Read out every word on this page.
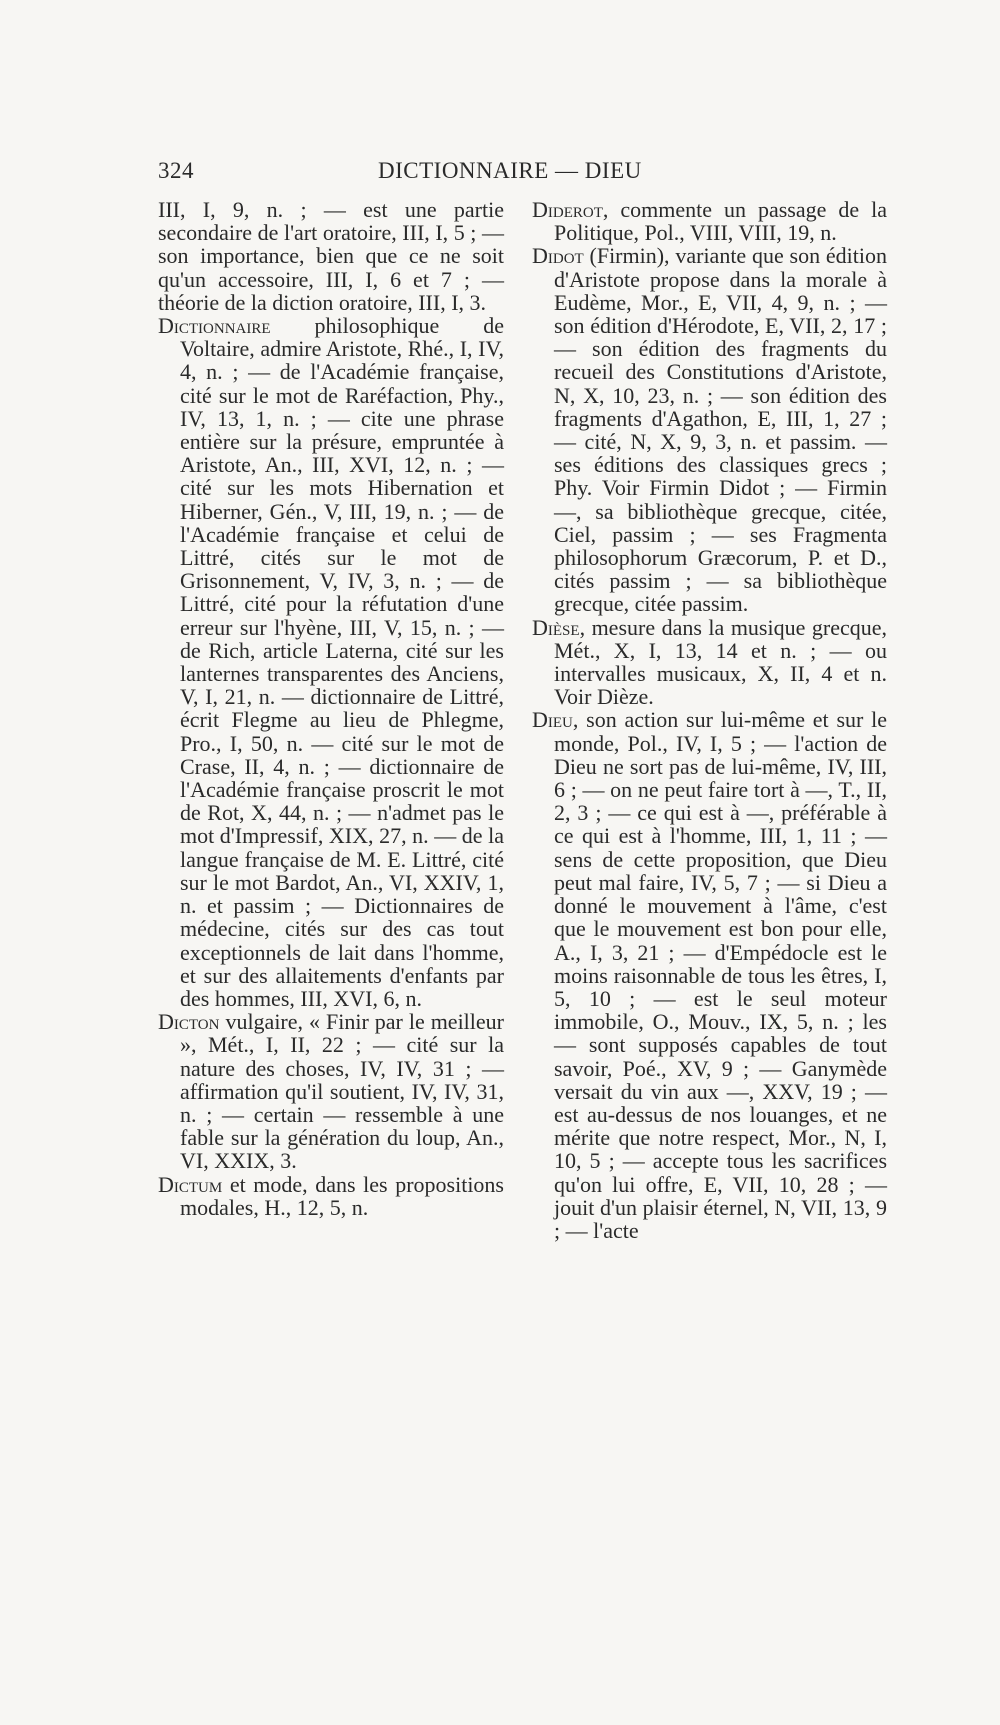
324	DICTIONNAIRE — DIEU

III, I, 9, n. ; — est une partie secondaire de l'art oratoire, III, I, 5 ; — son importance, bien que ce ne soit qu'un accessoire, III, I, 6 et 7 ; — théorie de la diction oratoire, III, I, 3.

Dictionnaire philosophique de Voltaire, admire Aristote, Rhé., I, IV, 4, n. ; — de l'Académie française, cité sur le mot de Raréfaction, Phy., IV, 13, 1, n. ; — cite une phrase entière sur la présure, empruntée à Aristote, An., III, XVI, 12, n. ; — cité sur les mots Hibernation et Hiberner, Gén., V, III, 19, n. ; — de l'Académie française et celui de Littré, cités sur le mot de Grisonnement, V, IV, 3, n. ; — de Littré, cité pour la réfutation d'une erreur sur l'hyène, III, V, 15, n. ; — de Rich, article Laterna, cité sur les lanternes transparentes des Anciens, V, I, 21, n. — dictionnaire de Littré, écrit Flegme au lieu de Phlegme, Pro., I, 50, n. — cité sur le mot de Crase, II, 4, n. ; — dictionnaire de l'Académie française proscrit le mot de Rot, X, 44, n. ; — n'admet pas le mot d'Impressif, XIX, 27, n. — de la langue française de M. E. Littré, cité sur le mot Bardot, An., VI, XXIV, 1, n. et passim ; — Dictionnaires de médecine, cités sur des cas tout exceptionnels de lait dans l'homme, et sur des allaitements d'enfants par des hommes, III, XVI, 6, n.

Dicton vulgaire, « Finir par le meilleur », Mét., I, II, 22 ; — cité sur la nature des choses, IV, IV, 31 ; — affirmation qu'il soutient, IV, IV, 31, n. ; — certain — ressemble à une fable sur la génération du loup, An., VI, XXIX, 3.

Dictum et mode, dans les propositions modales, H., 12, 5, n.

Diderot, commente un passage de la Politique, Pol., VIII, VIII, 19, n.

Didot (Firmin), variante que son édition d'Aristote propose dans la morale à Eudème, Mor., E, VII, 4, 9, n. ; — son édition d'Hérodote, E, VII, 2, 17 ; — son édition des fragments du recueil des Constitutions d'Aristote, N, X, 10, 23, n. ; — son édition des fragments d'Agathon, E, III, 1, 27 ; — cité, N, X, 9, 3, n. et passim. — ses éditions des classiques grecs ; Phy. Voir Firmin Didot ; — Firmin —, sa bibliothèque grecque, citée, Ciel, passim ; — ses Fragmenta philosophorum Græcorum, P. et D., cités passim ; — sa bibliothèque grecque, citée passim.

Dièse, mesure dans la musique grecque, Mét., X, I, 13, 14 et n. ; — ou intervalles musicaux, X, II, 4 et n. Voir Dièze.

Dieu, son action sur lui-même et sur le monde, Pol., IV, I, 5 ; — l'action de Dieu ne sort pas de lui-même, IV, III, 6 ; — on ne peut faire tort à —, T., II, 2, 3 ; — ce qui est à —, préférable à ce qui est à l'homme, III, 1, 11 ; — sens de cette proposition, que Dieu peut mal faire, IV, 5, 7 ; — si Dieu a donné le mouvement à l'âme, c'est que le mouvement est bon pour elle, A., I, 3, 21 ; — d'Empédocle est le moins raisonnable de tous les êtres, I, 5, 10 ; — est le seul moteur immobile, O., Mouv., IX, 5, n. ; les — sont supposés capables de tout savoir, Poé., XV, 9 ; — Ganymède versait du vin aux —, XXV, 19 ; — est au-dessus de nos louanges, et ne mérite que notre respect, Mor., N, I, 10, 5 ; — accepte tous les sacrifices qu'on lui offre, E, VII, 10, 28 ; — jouit d'un plaisir éternel, N, VII, 13, 9 ; — l'acte
